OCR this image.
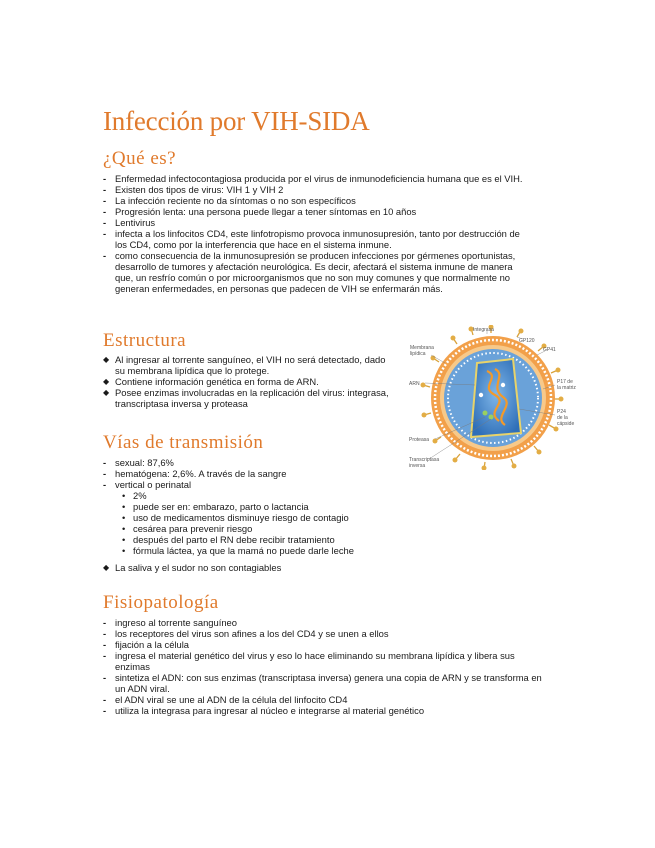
Infección por VIH-SIDA
¿Qué es?
- Enfermedad infectocontagiosa producida por el virus de inmunodeficiencia humana que es el VIH.
- Existen dos tipos de virus: VIH 1 y VIH 2
- La infección reciente no da síntomas o no son específicos
- Progresión lenta: una persona puede llegar a tener síntomas en 10 años
- Lentivirus
- infecta a los linfocitos CD4, este linfotropismo provoca inmunosupresión, tanto por destrucción de los CD4, como por la interferencia que hace en el sistema inmune.
- como consecuencia de la inmunosupresión se producen infecciones por gérmenes oportunistas, desarrollo de tumores y afectación neurológica. Es decir, afectará el sistema inmune de manera que, un resfrío común o por microorganismos que no son muy comunes y que normalmente no generan enfermedades, en personas que padecen de VIH se enfermarán más.
Estructura
◆ Al ingresar al torrente sanguíneo, el VIH no será detectado, dado su membrana lipídica que lo protege.
◆ Contiene información genética en forma de ARN.
◆ Posee enzimas involucradas en la replicación del virus: integrasa, transcriptasa inversa y proteasa
Integrasa
GP120
Membrana
lipídica
GP41
ARN	P17 de
la matriz
P24
de la
cápside
Proteasa
Transcriptasa
inversa
Vías de transmisión
- sexual: 87,6%
- hematógena: 2,6%. A través de la sangre
- vertical o perinatal
• 2%
• puede ser en: embarazo, parto o lactancia
• uso de medicamentos disminuye riesgo de contagio
• cesárea para prevenir riesgo
• después del parto el RN debe recibir tratamiento
• fórmula láctea, ya que la mamá no puede darle leche
◆ La saliva y el sudor no son contagiables
Fisiopatología
- ingreso al torrente sanguíneo
- los receptores del virus son afines a los del CD4 y se unen a ellos
- fijación a la célula
- ingresa el material genético del virus y eso lo hace eliminando su membrana lipídica y libera sus enzimas
- sintetiza el ADN: con sus enzimas (transcriptasa inversa) genera una copia de ARN y se transforma en un ADN viral.
- el ADN viral se une al ADN de la célula del linfocito CD4
- utiliza la integrasa para ingresar al núcleo e integrarse al material genético
